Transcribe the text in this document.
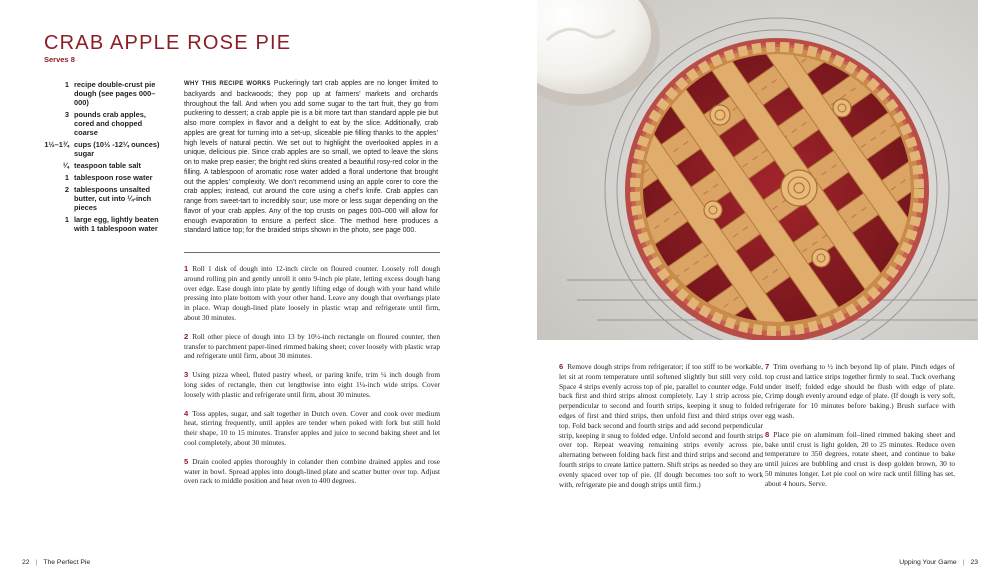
CRAB APPLE ROSE PIE
Serves 8
1 recipe double-crust pie dough (see pages 000–000)
3 pounds crab apples, cored and chopped coarse
1½–1¾ cups (10½ -12¼ ounces) sugar
¼ teaspoon table salt
1 tablespoon rose water
2 tablespoons unsalted butter, cut into ¼-inch pieces
1 large egg, lightly beaten with 1 tablespoon water

WHY THIS RECIPE WORKS Puckeringly tart crab apples are no longer limited to backyards and backwoods; they pop up at farmers’ markets and orchards throughout the fall. And when you add some sugar to the tart fruit, they go from puckering to dessert; a crab apple pie is a bit more tart than standard apple pie but also more complex in flavor and a delight to eat by the slice. Additionally, crab apples are great for turning into a set-up, sliceable pie filling thanks to the apples’ high levels of natural pectin. We set out to highlight the overlooked apples in a unique, delicious pie. Since crab apples are so small, we opted to leave the skins on to make prep easier; the bright red skins created a beautiful rosy-red color in the filling. A tablespoon of aromatic rose water added a floral undertone that brought out the apples’ complexity. We don’t recommend using an apple corer to core the crab apples; instead, cut around the core using a chef’s knife. Crab apples can range from sweet-tart to incredibly sour; use more or less sugar depending on the flavor of your crab apples. Any of the top crusts on pages 000–000 will allow for enough evaporation to ensure a perfect slice. The method here produces a standard lattice top; for the braided strips shown in the photo, see page 000.

1 Roll 1 disk of dough into 12-inch circle on floured counter. Loosely roll dough around rolling pin and gently unroll it onto 9-inch pie plate, letting excess dough hang over edge. Ease dough into plate by gently lifting edge of dough with your hand while pressing into plate bottom with your other hand. Leave any dough that overhangs plate in place. Wrap dough-lined plate loosely in plastic wrap and refrigerate until firm, about 30 minutes.
2 Roll other piece of dough into 13 by 10½-inch rectangle on floured counter, then transfer to parchment paper-lined rimmed baking sheet; cover loosely with plastic wrap and refrigerate until firm, about 30 minutes.
3 Using pizza wheel, fluted pastry wheel, or paring knife, trim ¼ inch dough from long sides of rectangle, then cut lengthwise into eight 1¼-inch wide strips. Cover loosely with plastic and refrigerate until firm, about 30 minutes.
4 Toss apples, sugar, and salt together in Dutch oven. Cover and cook over medium heat, stirring frequently, until apples are tender when poked with fork but still hold their shape, 10 to 15 minutes. Transfer apples and juice to second baking sheet and let cool completely, about 30 minutes.
5 Drain cooled apples thoroughly in colander then combine drained apples and rose water in bowl. Spread apples into dough-lined plate and scatter butter over top. Adjust oven rack to middle position and heat oven to 400 degrees.
22 | The Perfect Pie
6 Remove dough strips from refrigerator; if too stiff to be workable, let sit at room temperature until softened slightly but still very cold. Space 4 strips evenly across top of pie, parallel to counter edge. Fold back first and third strips almost completely. Lay 1 strip across pie, perpendicular to second and fourth strips, keeping it snug to folded edges of first and third strips, then unfold first and third strips over top. Fold back second and fourth strips and add second perpendicular strip, keeping it snug to folded edge. Unfold second and fourth strips over top. Repeat weaving remaining strips evenly across pie, alternating between folding back first and third strips and second and fourth strips to create lattice pattern. Shift strips as needed so they are evenly spaced over top of pie. (If dough becomes too soft to work with, refrigerate pie and dough strips until firm.)
7 Trim overhang to ½ inch beyond lip of plate. Pinch edges of top crust and lattice strips together firmly to seal. Tuck overhang under itself; folded edge should be flush with edge of plate. Crimp dough evenly around edge of plate. (If dough is very soft, refrigerate for 10 minutes before baking.) Brush surface with egg wash.
8 Place pie on aluminum foil–lined rimmed baking sheet and bake until crust is light golden, 20 to 25 minutes. Reduce oven temperature to 350 degrees, rotate sheet, and continue to bake until juices are bubbling and crust is deep golden brown, 30 to 50 minutes longer. Let pie cool on wire rack until filling has set, about 4 hours. Serve.
Upping Your Game | 23
